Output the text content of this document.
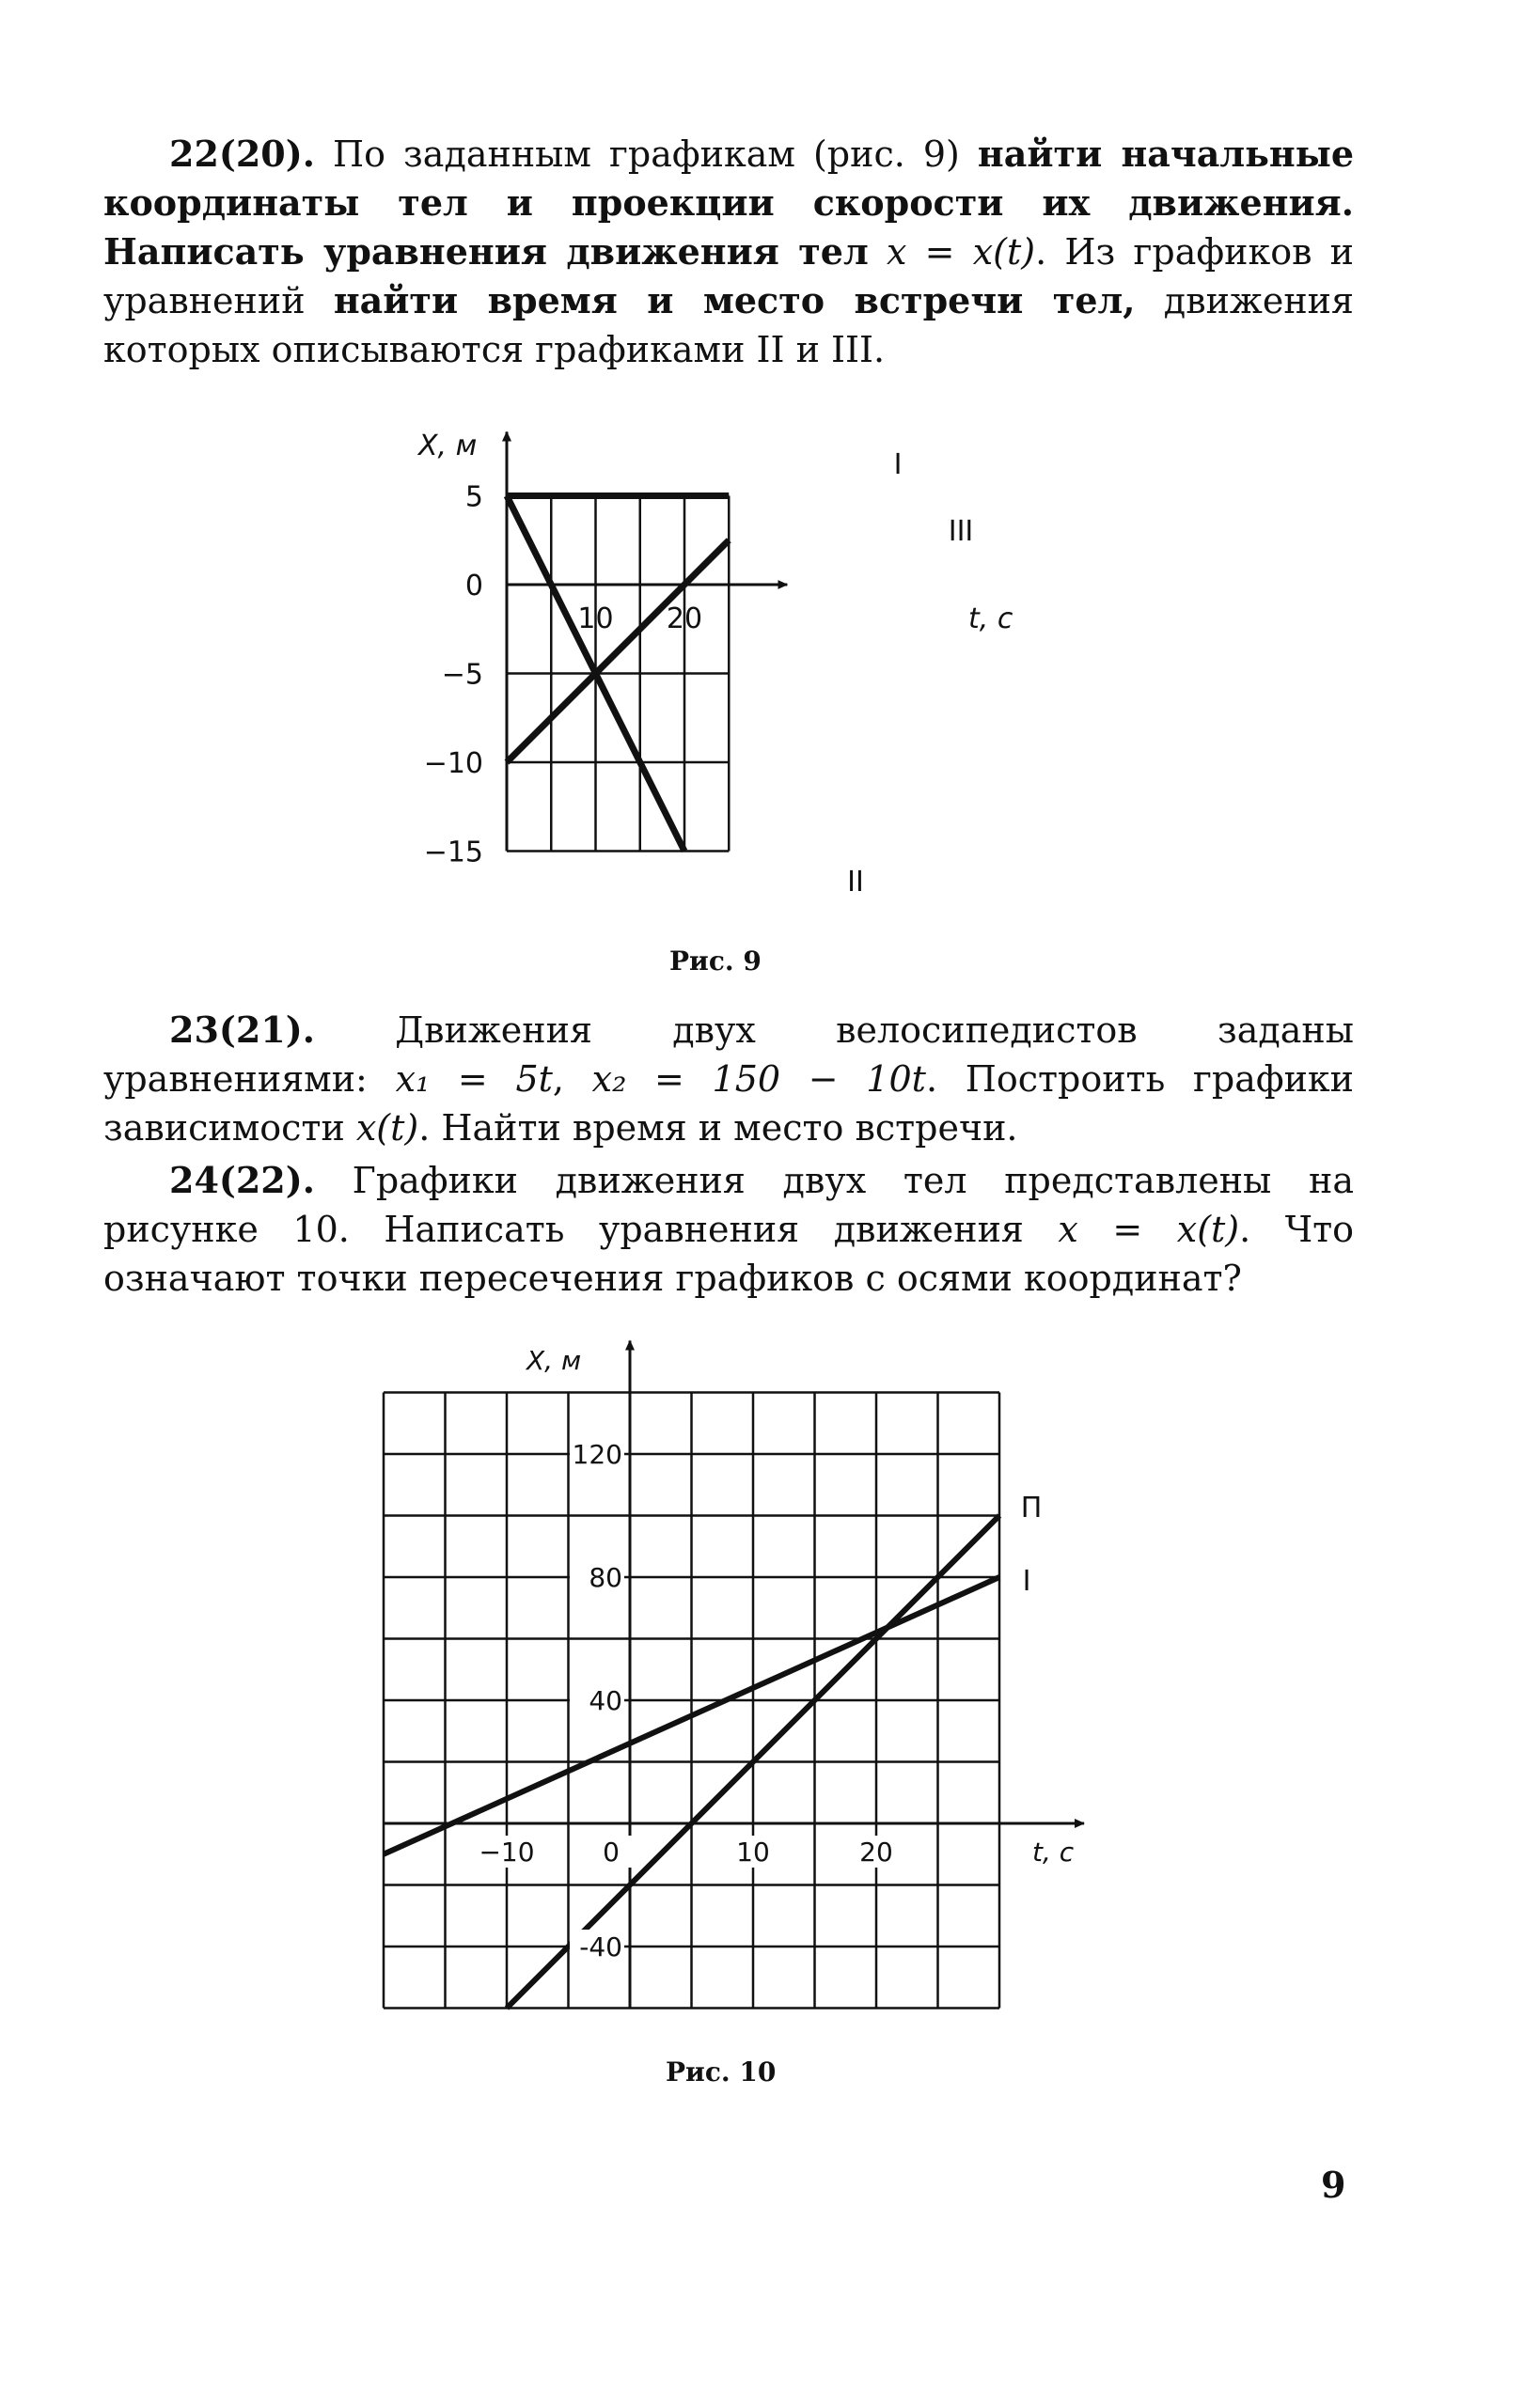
22(20). По заданным графикам (рис. 9) найти начальные координаты тел и проекции скорости их движения. Написать уравнения движения тел x = x(t). Из графиков и уравнений найти время и место встречи тел, движения которых описываются графиками II и III.

5
0
−5
−10
−15
10 20	t, с
X, м
I
II
III
Рис. 9

23(21). Движения двух велосипедистов заданы уравнениями: x₁ = 5t, x₂ = 150 − 10t. Построить графики зависимости x(t). Найти время и место встречи.

24(22). Графики движения двух тел представлены на рисунке 10. Написать уравнения движения x = x(t). Что означают точки пересечения графиков с осями координат?

120
80
40
-40
−10	0	10	20	t, с
X, м
I
П
Рис. 10
9
